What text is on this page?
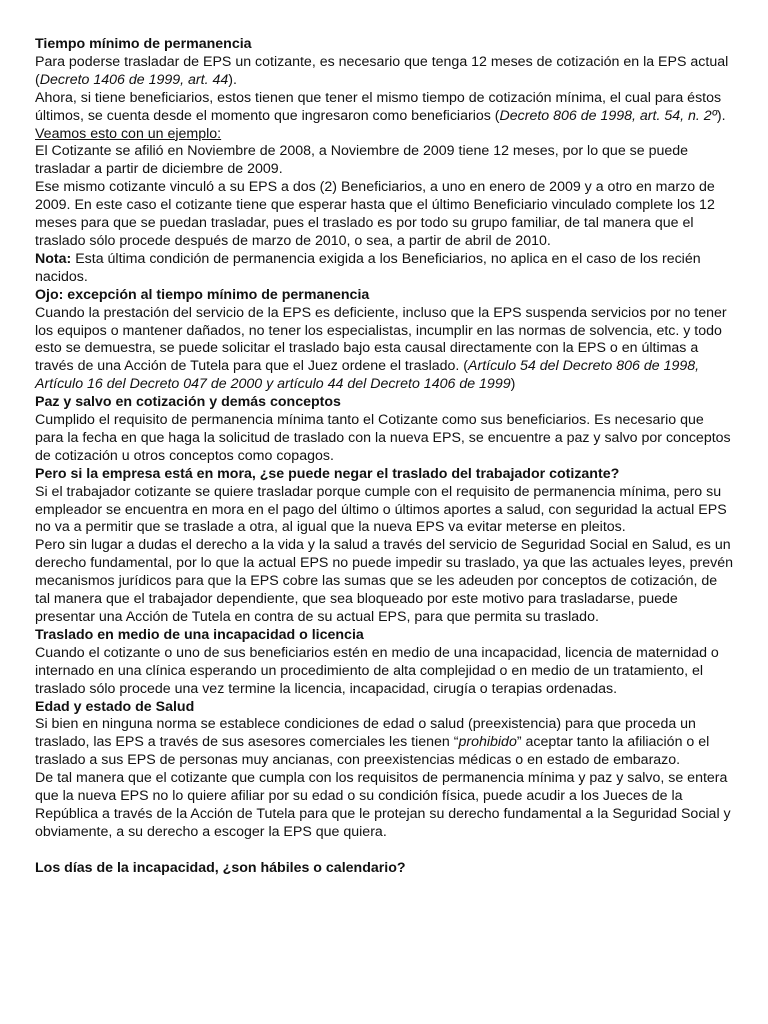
Tiempo mínimo de permanencia

Para poderse trasladar de EPS un cotizante, es necesario que tenga 12 meses de cotización en la EPS actual (Decreto 1406 de 1999, art. 44).

Ahora, si tiene beneficiarios, estos tienen que tener el mismo tiempo de cotización mínima, el cual para éstos últimos, se cuenta desde el momento que ingresaron como beneficiarios (Decreto 806 de 1998, art. 54, n. 2º).

Veamos esto con un ejemplo:

El Cotizante se afilió en Noviembre de 2008, a Noviembre de 2009 tiene 12 meses, por lo que se puede trasladar a partir de diciembre de 2009.

Ese mismo cotizante vinculó a su EPS a dos (2) Beneficiarios, a uno en enero de 2009 y a otro en marzo de 2009. En este caso el cotizante tiene que esperar hasta que el último Beneficiario vinculado complete los 12 meses para que se puedan trasladar, pues el traslado es por todo su grupo familiar, de tal manera que el traslado sólo procede después de marzo de 2010, o sea, a partir de abril de 2010.

Nota: Esta última condición de permanencia exigida a los Beneficiarios, no aplica en el caso de los recién nacidos.

Ojo: excepción al tiempo mínimo de permanencia

Cuando la prestación del servicio de la EPS es deficiente, incluso que la EPS suspenda servicios por no tener los equipos o mantener dañados, no tener los especialistas, incumplir en las normas de solvencia, etc. y todo esto se demuestra, se puede solicitar el traslado bajo esta causal directamente con la EPS o en últimas a través de una Acción de Tutela para que el Juez ordene el traslado. (Artículo 54 del Decreto 806 de 1998, Artículo 16 del Decreto 047 de 2000 y artículo 44 del Decreto 1406 de 1999)

Paz y salvo en cotización y demás conceptos

Cumplido el requisito de permanencia mínima tanto el Cotizante como sus beneficiarios. Es necesario que para la fecha en que haga la solicitud de traslado con la nueva EPS, se encuentre a paz y salvo por conceptos de cotización u otros conceptos como copagos.

Pero si la empresa está en mora, ¿se puede negar el traslado del trabajador cotizante?

Si el trabajador cotizante se quiere trasladar porque cumple con el requisito de permanencia mínima, pero su empleador se encuentra en mora en el pago del último o últimos aportes a salud, con seguridad la actual EPS no va a permitir que se traslade a otra, al igual que la nueva EPS va evitar meterse en pleitos.

Pero sin lugar a dudas el derecho a la vida y la salud a través del servicio de Seguridad Social en Salud, es un derecho fundamental, por lo que la actual EPS no puede impedir su traslado, ya que las actuales leyes, prevén mecanismos jurídicos para que la EPS cobre las sumas que se les adeuden por conceptos de cotización, de tal manera que el trabajador dependiente, que sea bloqueado por este motivo para trasladarse, puede presentar una Acción de Tutela en contra de su actual EPS, para que permita su traslado.

Traslado en medio de una incapacidad o licencia

Cuando el cotizante o uno de sus beneficiarios estén en medio de una incapacidad, licencia de maternidad o internado en una clínica esperando un procedimiento de alta complejidad o en medio de un tratamiento, el traslado sólo procede una vez termine la licencia, incapacidad, cirugía o terapias ordenadas.

Edad y estado de Salud

Si bien en ninguna norma se establece condiciones de edad o salud (preexistencia) para que proceda un traslado, las EPS a través de sus asesores comerciales les tienen “prohibido” aceptar tanto la afiliación o el traslado a sus EPS de personas muy ancianas, con preexistencias médicas o en estado de embarazo.

De tal manera que el cotizante que cumpla con los requisitos de permanencia mínima y paz y salvo, se entera que la nueva EPS no lo quiere afiliar por su edad o su condición física, puede acudir a los Jueces de la República a través de la Acción de Tutela para que le protejan su derecho fundamental a la Seguridad Social y obviamente, a su derecho a escoger la EPS que quiera.

Los días de la incapacidad, ¿son hábiles o calendario?
